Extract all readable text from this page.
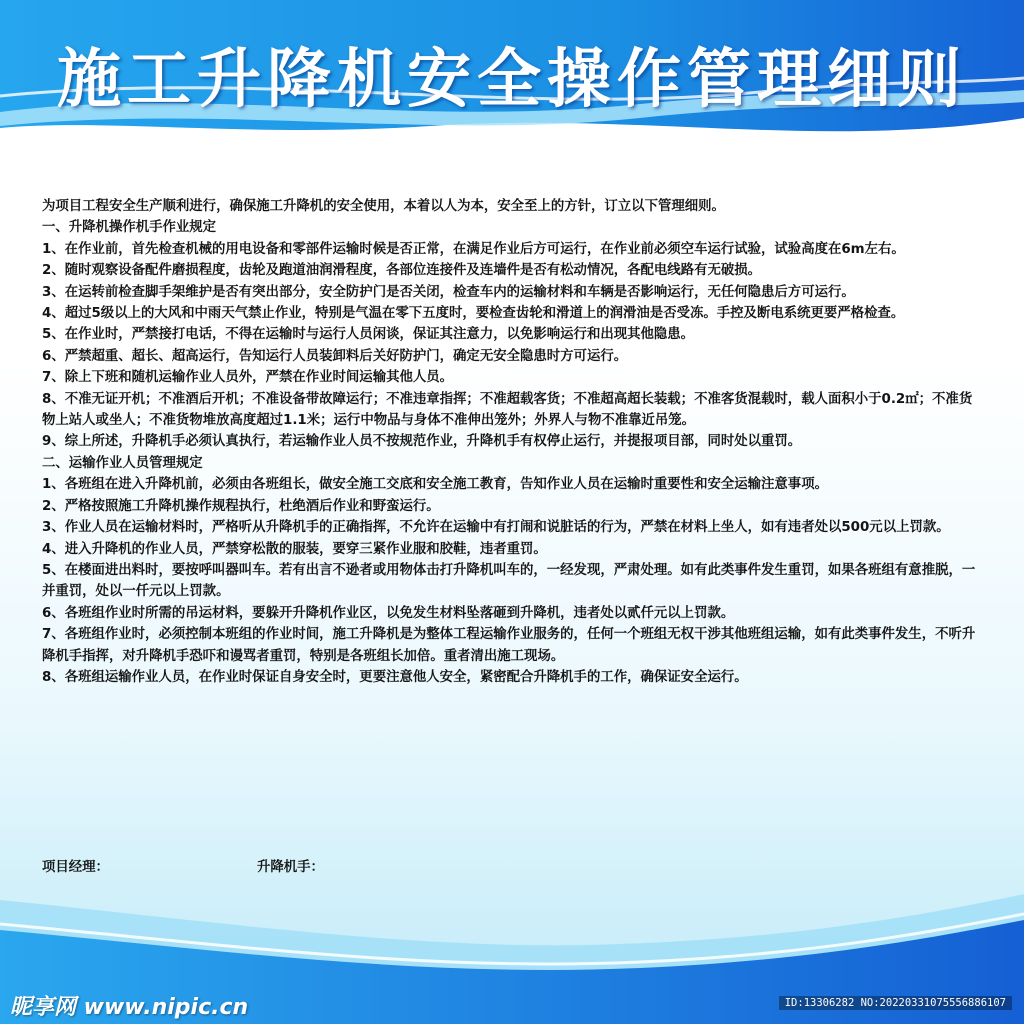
施工升降机安全操作管理细则

为项目工程安全生产顺利进行，确保施工升降机的安全使用，本着以人为本，安全至上的方针，订立以下管理细则。

一、升降机操作机手作业规定

1、在作业前，首先检查机械的用电设备和零部件运输时候是否正常，在满足作业后方可运行，在作业前必须空车运行试验，试验高度在6m左右。

2、随时观察设备配件磨损程度，齿轮及跑道油润滑程度，各部位连接件及连墙件是否有松动情况，各配电线路有无破损。

3、在运转前检查脚手架维护是否有突出部分，安全防护门是否关闭，检查车内的运输材料和车辆是否影响运行，无任何隐患后方可运行。

4、超过5级以上的大风和中雨天气禁止作业，特别是气温在零下五度时，要检查齿轮和滑道上的润滑油是否受冻。手控及断电系统更要严格检查。

5、在作业时，严禁接打电话，不得在运输时与运行人员闲谈，保证其注意力，以免影响运行和出现其他隐患。

6、严禁超重、超长、超高运行，告知运行人员装卸料后关好防护门，确定无安全隐患时方可运行。

7、除上下班和随机运输作业人员外，严禁在作业时间运输其他人员。

8、不准无证开机；不准酒后开机；不准设备带故障运行；不准违章指挥；不准超载客货；不准超高超长装载；不准客货混载时，载人面积小于0.2㎡；不准货物上站人或坐人；不准货物堆放高度超过1.1米；运行中物品与身体不准伸出笼外；外界人与物不准靠近吊笼。

9、综上所述，升降机手必须认真执行，若运输作业人员不按规范作业，升降机手有权停止运行，并提报项目部，同时处以重罚。

二、运输作业人员管理规定

1、各班组在进入升降机前，必须由各班组长，做安全施工交底和安全施工教育，告知作业人员在运输时重要性和安全运输注意事项。

2、严格按照施工升降机操作规程执行，杜绝酒后作业和野蛮运行。

3、作业人员在运输材料时，严格听从升降机手的正确指挥，不允许在运输中有打闹和说脏话的行为，严禁在材料上坐人，如有违者处以500元以上罚款。

4、进入升降机的作业人员，严禁穿松散的服装，要穿三紧作业服和胶鞋，违者重罚。

5、在楼面进出料时，要按呼叫器叫车。若有出言不逊者或用物体击打升降机叫车的，一经发现，严肃处理。如有此类事件发生重罚，如果各班组有意推脱，一并重罚，处以一仟元以上罚款。

6、各班组作业时所需的吊运材料，要躲开升降机作业区，以免发生材料坠落砸到升降机，违者处以贰仟元以上罚款。

7、各班组作业时，必须控制本班组的作业时间，施工升降机是为整体工程运输作业服务的，任何一个班组无权干涉其他班组运输，如有此类事件发生，不听升降机手指挥，对升降机手恐吓和谩骂者重罚，特别是各班组长加倍。重者清出施工现场。

8、各班组运输作业人员，在作业时保证自身安全时，更要注意他人安全，紧密配合升降机手的工作，确保证安全运行。

项目经理：	升降机手：
昵享网 www.nipic.cn	ID:13306282 NO:20220331075556886107
